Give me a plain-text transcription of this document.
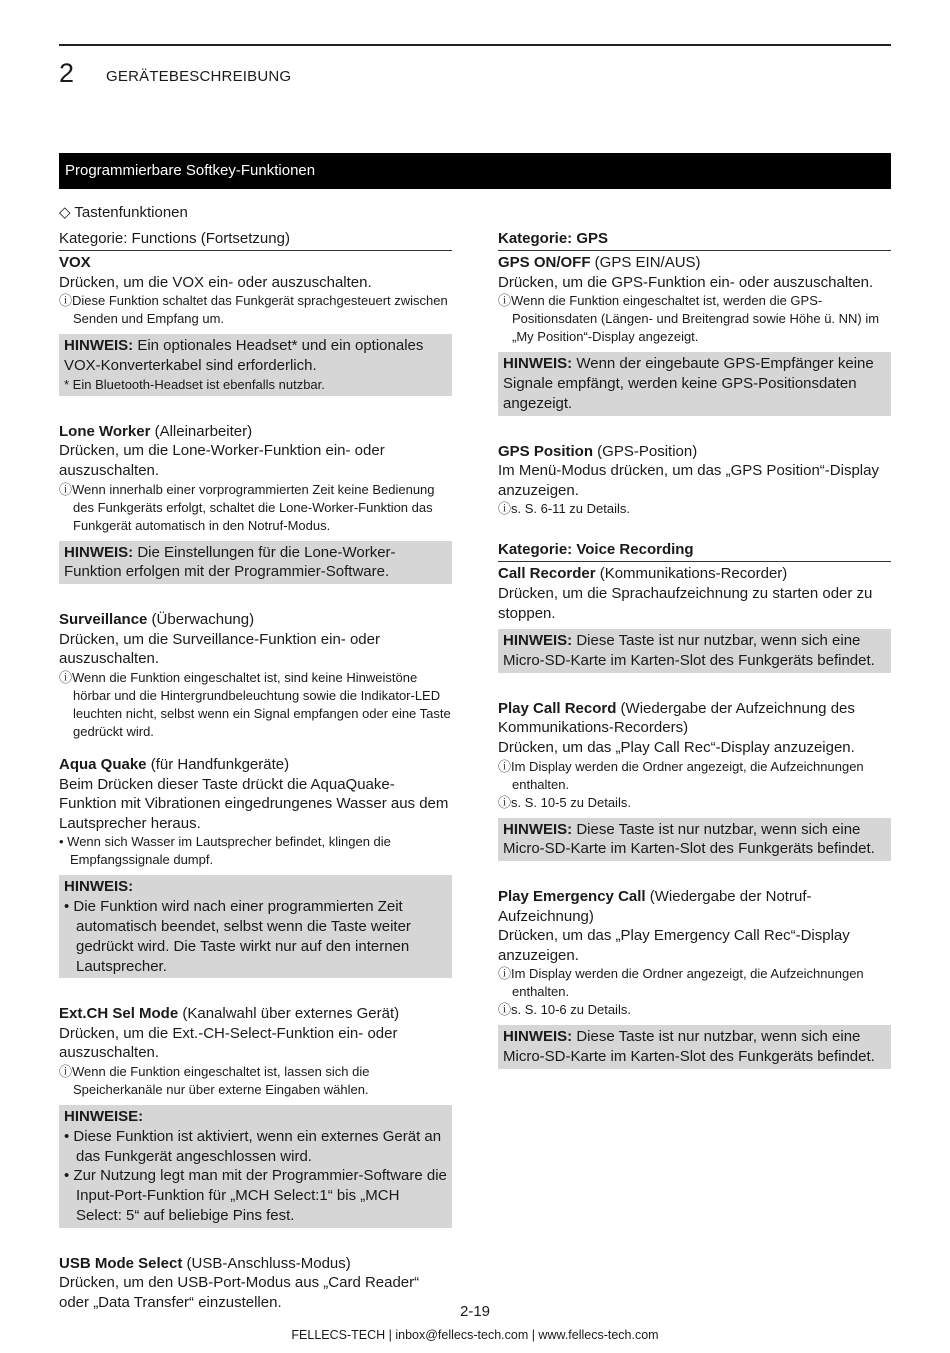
2 GERÄTEBESCHREIBUNG
Programmierbare Softkey-Funktionen
◇ Tastenfunktionen
Kategorie: Functions (Fortsetzung)
VOX
Drücken, um die VOX ein- oder auszuschalten.
ⓘDiese Funktion schaltet das Funkgerät sprachgesteuert zwischen Senden und Empfang um.
HINWEIS: Ein optionales Headset* und ein optionales VOX-Konverterkabel sind erforderlich.
* Ein Bluetooth-Headset ist ebenfalls nutzbar.
Lone Worker (Alleinarbeiter)
Drücken, um die Lone-Worker-Funktion ein- oder auszuschalten.
ⓘWenn innerhalb einer vorprogrammierten Zeit keine Bedienung des Funkgeräts erfolgt, schaltet die Lone-Worker-Funktion das Funkgerät automatisch in den Notruf-Modus.
HINWEIS: Die Einstellungen für die Lone-Worker-Funktion erfolgen mit der Programmier-Software.
Surveillance (Überwachung)
Drücken, um die Surveillance-Funktion ein- oder auszuschalten.
ⓘWenn die Funktion eingeschaltet ist, sind keine Hinweistöne hörbar und die Hintergrundbeleuchtung sowie die Indikator-LED leuchten nicht, selbst wenn ein Signal empfangen oder eine Taste gedrückt wird.
Aqua Quake (für Handfunkgeräte)
Beim Drücken dieser Taste drückt die AquaQuake-Funktion mit Vibrationen eingedrungenes Wasser aus dem Lautsprecher heraus.
• Wenn sich Wasser im Lautsprecher befindet, klingen die Empfangssignale dumpf.
HINWEIS:
• Die Funktion wird nach einer programmierten Zeit automatisch beendet, selbst wenn die Taste weiter gedrückt wird. Die Taste wirkt nur auf den internen Lautsprecher.
Ext.CH Sel Mode (Kanalwahl über externes Gerät)
Drücken, um die Ext.-CH-Select-Funktion ein- oder auszuschalten.
ⓘWenn die Funktion eingeschaltet ist, lassen sich die Speicherkanäle nur über externe Eingaben wählen.
HINWEISE:
• Diese Funktion ist aktiviert, wenn ein externes Gerät an das Funkgerät angeschlossen wird.
• Zur Nutzung legt man mit der Programmier-Software die Input-Port-Funktion für „MCH Select:1“ bis „MCH Select: 5“ auf beliebige Pins fest.
USB Mode Select (USB-Anschluss-Modus)
Drücken, um den USB-Port-Modus aus „Card Reader“ oder „Data Transfer“ einzustellen.
Kategorie: GPS
GPS ON/OFF (GPS EIN/AUS)
Drücken, um die GPS-Funktion ein- oder auszuschalten.
ⓘWenn die Funktion eingeschaltet ist, werden die GPS-Positionsdaten (Längen- und Breitengrad sowie Höhe ü. NN) im „My Position“-Display angezeigt.
HINWEIS: Wenn der eingebaute GPS-Empfänger keine Signale empfängt, werden keine GPS-Positionsdaten angezeigt.
GPS Position (GPS-Position)
Im Menü-Modus drücken, um das „GPS Position“-Display anzuzeigen.
ⓘs. S. 6-11 zu Details.
Kategorie: Voice Recording
Call Recorder (Kommunikations-Recorder)
Drücken, um die Sprachaufzeichnung zu starten oder zu stoppen.
HINWEIS: Diese Taste ist nur nutzbar, wenn sich eine Micro-SD-Karte im Karten-Slot des Funkgeräts befindet.
Play Call Record (Wiedergabe der Aufzeichnung des Kommunikations-Recorders)
Drücken, um das „Play Call Rec“-Display anzuzeigen.
ⓘIm Display werden die Ordner angezeigt, die Aufzeichnungen enthalten.
ⓘs. S. 10-5 zu Details.
HINWEIS: Diese Taste ist nur nutzbar, wenn sich eine Micro-SD-Karte im Karten-Slot des Funkgeräts befindet.
Play Emergency Call (Wiedergabe der Notruf-Aufzeichnung)
Drücken, um das „Play Emergency Call Rec“-Display anzuzeigen.
ⓘIm Display werden die Ordner angezeigt, die Aufzeichnungen enthalten.
ⓘs. S. 10-6 zu Details.
HINWEIS: Diese Taste ist nur nutzbar, wenn sich eine Micro-SD-Karte im Karten-Slot des Funkgeräts befindet.
2-19
FELLECS-TECH | inbox@fellecs-tech.com | www.fellecs-tech.com
